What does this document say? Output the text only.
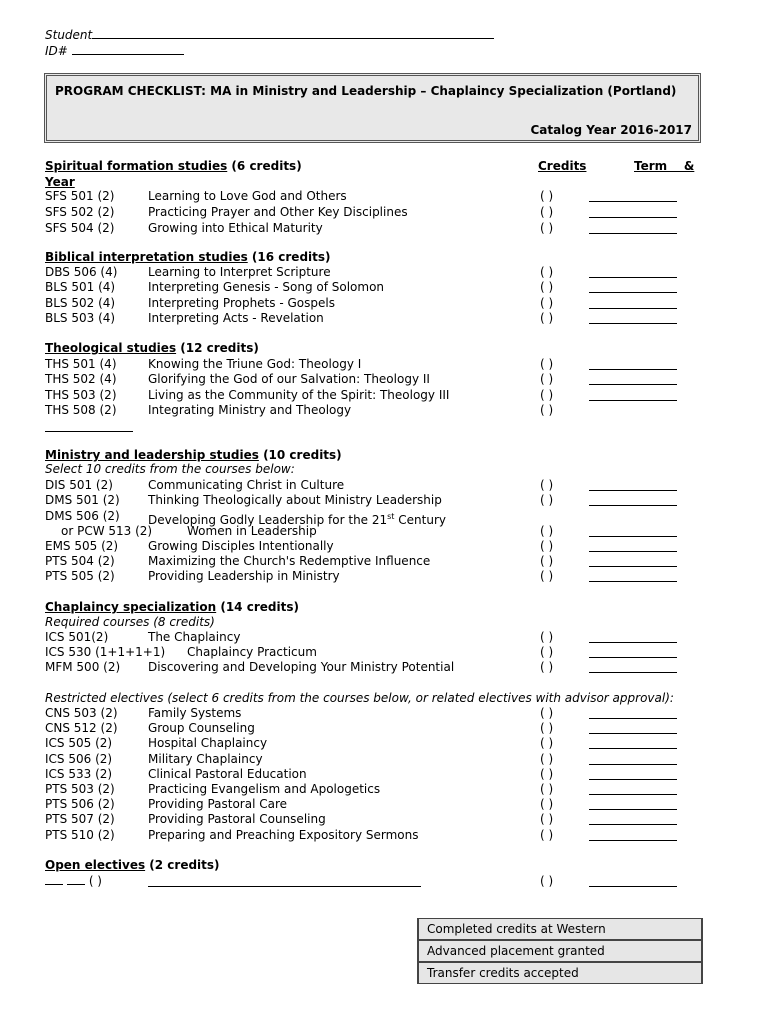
Student
ID#
PROGRAM CHECKLIST: MA in Ministry and Leadership – Chaplaincy Specialization (Portland)
Catalog Year 2016-2017
Spiritual formation studies (6 credits)
Year
Credits	Term    &
SFS 501 (2)	Learning to Love God and Others	( )
SFS 502 (2)	Practicing Prayer and Other Key Disciplines	( )
SFS 504 (2)	Growing into Ethical Maturity	( )
Biblical interpretation studies (16 credits)
DBS 506 (4)	Learning to Interpret Scripture	( )
BLS 501 (4)	Interpreting Genesis - Song of Solomon	( )
BLS 502 (4)	Interpreting Prophets - Gospels	( )
BLS 503 (4)	Interpreting Acts - Revelation	( )
Theological studies (12 credits)
THS 501 (4)	Knowing the Triune God: Theology I	( )
THS 502 (4)	Glorifying the God of our Salvation: Theology II	( )
THS 503 (2)	Living as the Community of the Spirit: Theology III	( )
THS 508 (2)	Integrating Ministry and Theology	( )
Ministry and leadership studies (10 credits)
Select 10 credits from the courses below:
DIS 501 (2)	Communicating Christ in Culture	( )
DMS 501 (2) Thinking Theologically about Ministry Leadership	( )
DMS 506 (2) Developing Godly Leadership for the 21st Century
or PCW 513 (2)	Women in Leadership	( )
EMS 505 (2) Growing Disciples Intentionally	( )
PTS 504 (2)	Maximizing the Church's Redemptive Influence	( )
PTS 505 (2)	Providing Leadership in Ministry	( )
Chaplaincy specialization (14 credits)
Required courses (8 credits)
ICS 501(2)	The Chaplaincy	( )
ICS 530 (1+1+1+1) Chaplaincy Practicum	( )
MFM 500 (2) Discovering and Developing Your Ministry Potential	( )
Restricted electives (select 6 credits from the courses below, or related electives with advisor approval):
CNS 503 (2)	Family Systems	( )
CNS 512 (2)	Group Counseling	( )
ICS 505 (2)	Hospital Chaplaincy	( )
ICS 506 (2)	Military Chaplaincy	( )
ICS 533 (2)	Clinical Pastoral Education	( )
PTS 503 (2)	Practicing Evangelism and Apologetics	( )
PTS 506 (2)	Providing Pastoral Care	( )
PTS 507 (2)	Providing Pastoral Counseling	( )
PTS 510 (2)	Preparing and Preaching Expository Sermons	( )
Open electives (2 credits)
( )	( )
Completed credits at Western
Advanced placement granted
Transfer credits accepted
